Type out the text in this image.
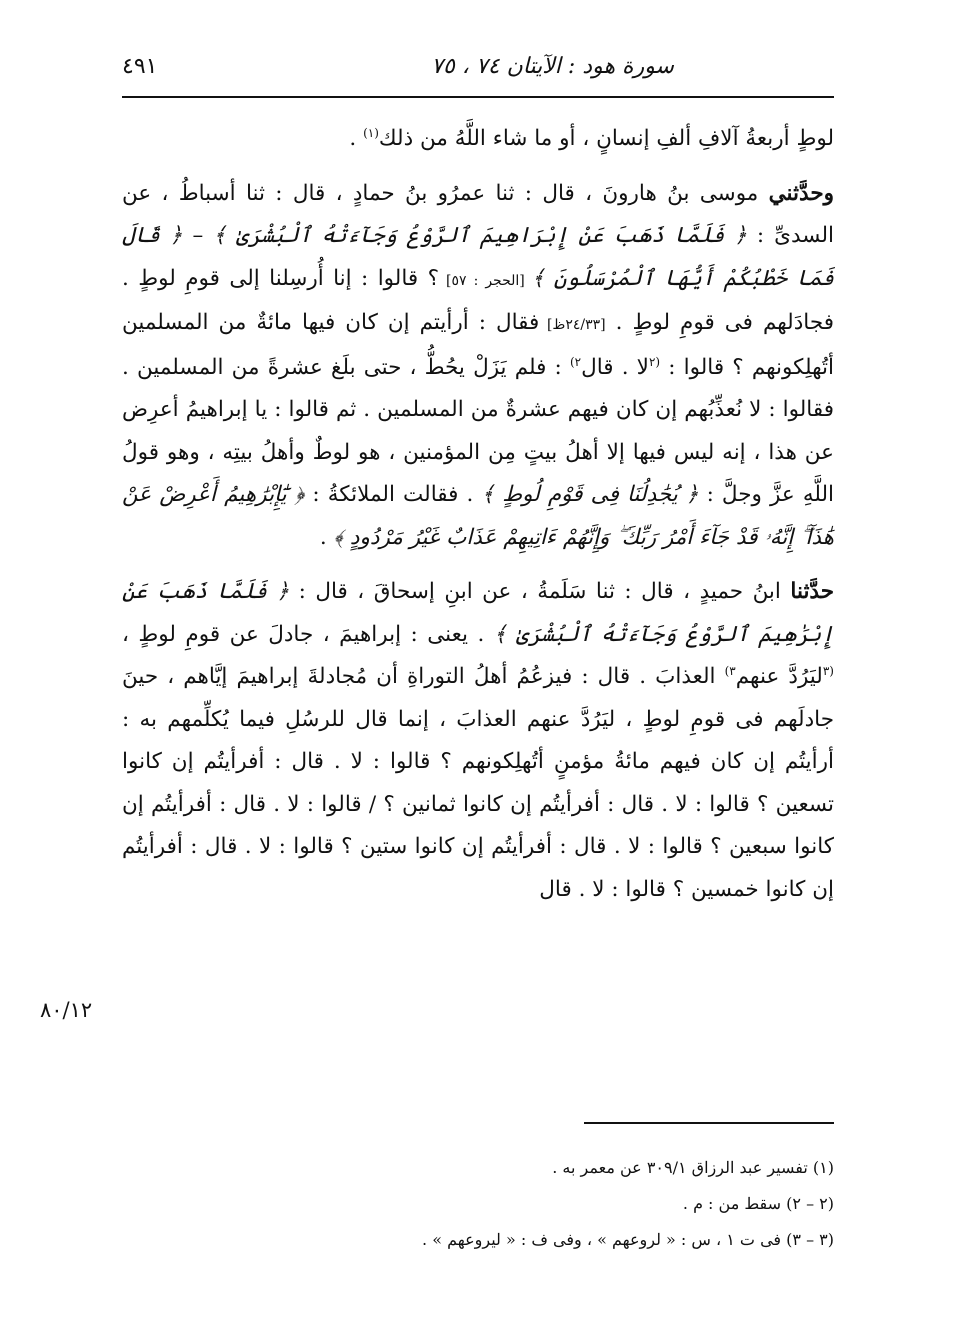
سورة هود : الآيتان ٧٤ ، ٧٥
٤٩١

لوطٍ أربعةُ آلافِ ألفِ إنسانٍ ، أو ما شاء اللَّهُ من ذلك$^{(١)}$ .

وحدَّثني موسى بنُ هارونَ ، قال : ثنا عمرُو بنُ حمادٍ ، قال : ثنا أسباطُ ، عن السدىِّ : ﴿ فَلَمَّا ذَهَبَ عَنْ إِبْرَاهِيمَ ٱلرَّوْعُ وَجَآءَتْهُ ٱلْبُشْرَىٰ ﴾ – ﴿ قَالَ فَمَا خَطْبُكُمْ أَيُّهَا ٱلْمُرْسَلُونَ ﴾ [الحجر : ٥٧] ؟ قالوا : إنا أُرسِلنا إلى قومِ لوطٍ . فجادَلهم فى قومِ لوطٍ . [٢٤/٣٣ظ] فقال : أرأيتم إن كان فيها مائةٌ من المسلمين أتُهلِكونهم ؟ قالوا : $^{(٢}$لا . قال$^{٢)}$ : فلم يَزَلْ يحُطُّ ، حتى بلَغ عشرةً من المسلمين . فقالوا : لا نُعذِّبُهم إن كان فيهم عشرةٌ من المسلمين . ثم قالوا : يا إبراهيمُ أعرِض عن هذا ، إنه ليس فيها إلا أهلُ بيتٍ مِن المؤمنين ، هو لوطٌ وأهلُ بيتِه ، وهو قولُ اللَّهِ عزَّ وجلَّ : ﴿ يُجَٰدِلُنَا فِى قَوْمِ لُوطٍ ﴾ . فقالت الملائكةُ : ﴿ يَٰٓإِبْرَٰهِيمُ أَعْرِضْ عَنْ هَٰذَآ ۖ إِنَّهُۥ قَدْ جَآءَ أَمْرُ رَبِّكَ ۖ وَإِنَّهُمْ ءَاتِيهِمْ عَذَابٌ غَيْرُ مَرْدُودٍ ﴾ .

حدَّثنا ابنُ حميدٍ ، قال : ثنا سَلَمةُ ، عن ابنِ إسحاقَ ، قال : ﴿ فَلَمَّا ذَهَبَ عَنْ إِبْرَٰهِيمَ ٱلرَّوْعُ وَجَآءَتْهُ ٱلْبُشْرَىٰ ﴾ . يعنى : إبراهيمَ ، جادلَ عن قومِ لوطٍ ، $^{(٣}$ليَرُدَّ عنهم$^{٣)}$ العذابَ . قال : فيزعُمُ أهلُ التوراةِ أن مُجادلةَ إبراهيمَ إيَّاهم ، حينَ جادلَهم فى قومِ لوطٍ ، ليَرُدَّ عنهم العذابَ ، إنما قال للرسُلِ فيما يُكلِّمهم به : أرأيتُم إن كان فيهم مائةُ مؤمنٍ أتُهلِكونهم ؟ قالوا : لا . قال : أفرأيتُم إن كانوا تسعين ؟ قالوا : لا . قال : أفرأيتُم إن كانوا ثمانين ؟ / قالوا : لا . قال : أفرأيتُم إن كانوا سبعين ؟ قالوا : لا . قال : أفرأيتُم إن كانوا ستين ؟ قالوا : لا . قال : أفرأيتُم إن كانوا خمسين ؟ قالوا : لا . قال

٨٠/١٢
(١) تفسير عبد الرزاق ٣٠٩/١ عن معمر به .
(٢ – ٢) سقط من : م .
(٣ – ٣) فى ت ١ ، س : « لروعهم » ، وفى ف : « ليروعهم » .
